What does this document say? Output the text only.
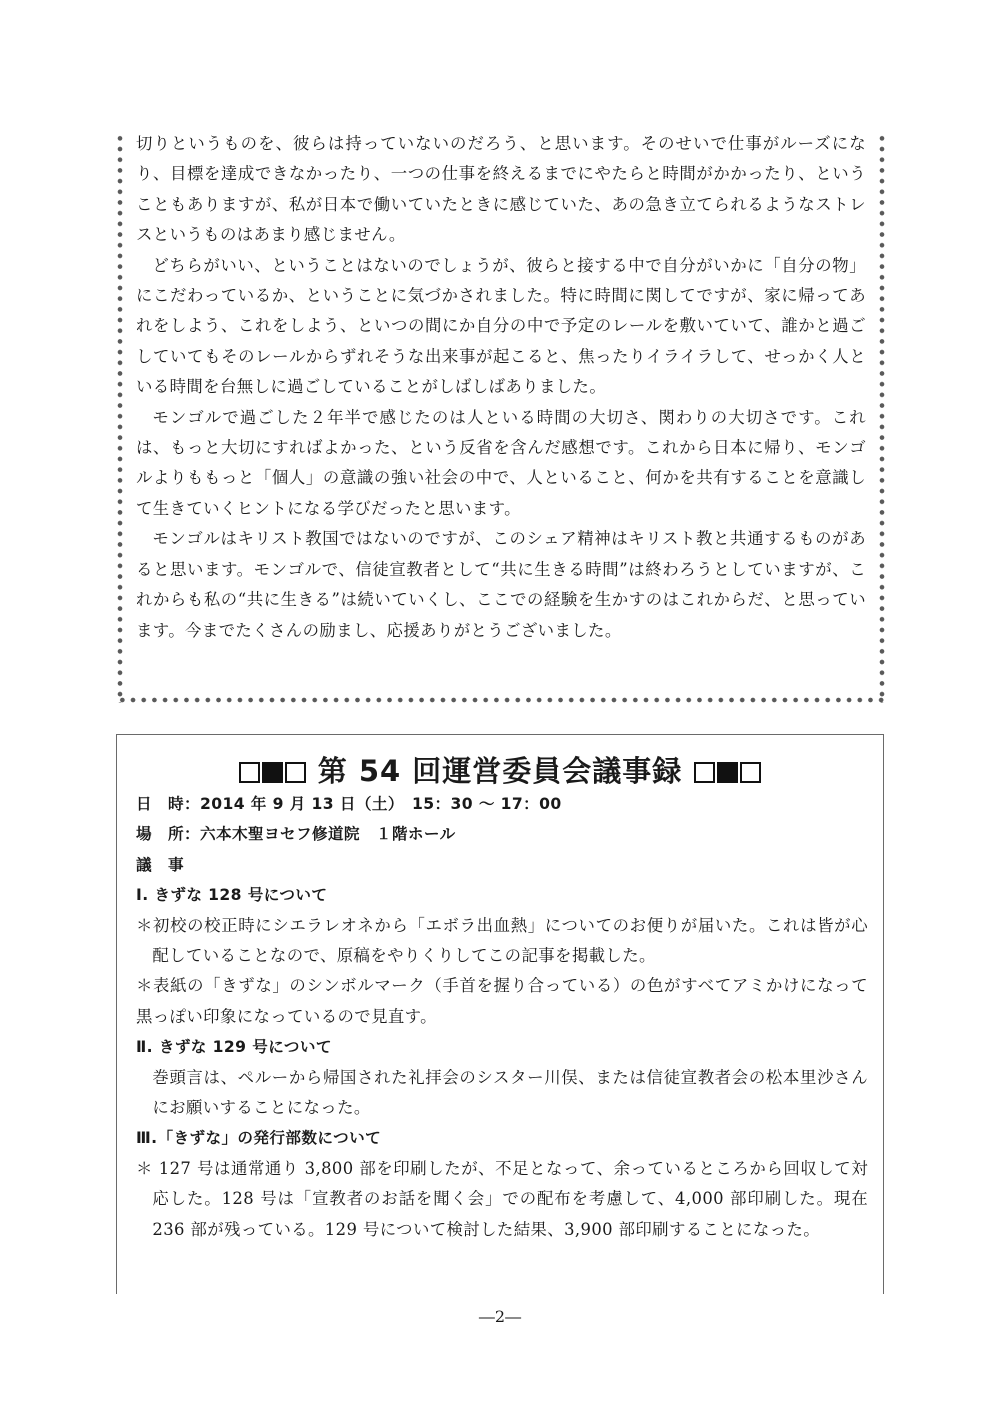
切りというものを、彼らは持っていないのだろう、と思います。そのせいで仕事がルーズになり、目標を達成できなかったり、一つの仕事を終えるまでにやたらと時間がかかったり、ということもありますが、私が日本で働いていたときに感じていた、あの急き立てられるようなストレスというものはあまり感じません。

どちらがいい、ということはないのでしょうが、彼らと接する中で自分がいかに「自分の物」にこだわっているか、ということに気づかされました。特に時間に関してですが、家に帰ってあれをしよう、これをしよう、といつの間にか自分の中で予定のレールを敷いていて、誰かと過ごしていてもそのレールからずれそうな出来事が起こると、焦ったりイライラして、せっかく人といる時間を台無しに過ごしていることがしばしばありました。

モンゴルで過ごした２年半で感じたのは人といる時間の大切さ、関わりの大切さです。これは、もっと大切にすればよかった、という反省を含んだ感想です。これから日本に帰り、モンゴルよりももっと「個人」の意識の強い社会の中で、人といること、何かを共有することを意識して生きていくヒントになる学びだったと思います。

モンゴルはキリスト教国ではないのですが、このシェア精神はキリスト教と共通するものがあると思います。モンゴルで、信徒宣教者として“共に生きる時間”は終わろうとしていますが、これからも私の“共に生きる”は続いていくし、ここでの経験を生かすのはこれからだ、と思っています。今までたくさんの励まし、応援ありがとうございました。

第 54 回運営委員会議事録

日　時：2014 年 9 月 13 日（土）　15：30 ～ 17：00

場　所：六本木聖ヨセフ修道院　１階ホール

議　事

Ⅰ. きずな 128 号について

＊初校の校正時にシエラレオネから「エボラ出血熱」についてのお便りが届いた。これは皆が心配していることなので、原稿をやりくりしてこの記事を掲載した。

＊表紙の「きずな」のシンボルマーク（手首を握り合っている）の色がすべてアミかけになって黒っぽい印象になっているので見直す。

Ⅱ. きずな 129 号について

巻頭言は、ペルーから帰国された礼拝会のシスター川俣、または信徒宣教者会の松本里沙さんにお願いすることになった。

Ⅲ.「きずな」の発行部数について

＊ 127 号は通常通り 3,800 部を印刷したが、不足となって、余っているところから回収して対応した。128 号は「宣教者のお話を聞く会」での配布を考慮して、4,000 部印刷した。現在 236 部が残っている。129 号について検討した結果、3,900 部印刷することになった。

―2―
